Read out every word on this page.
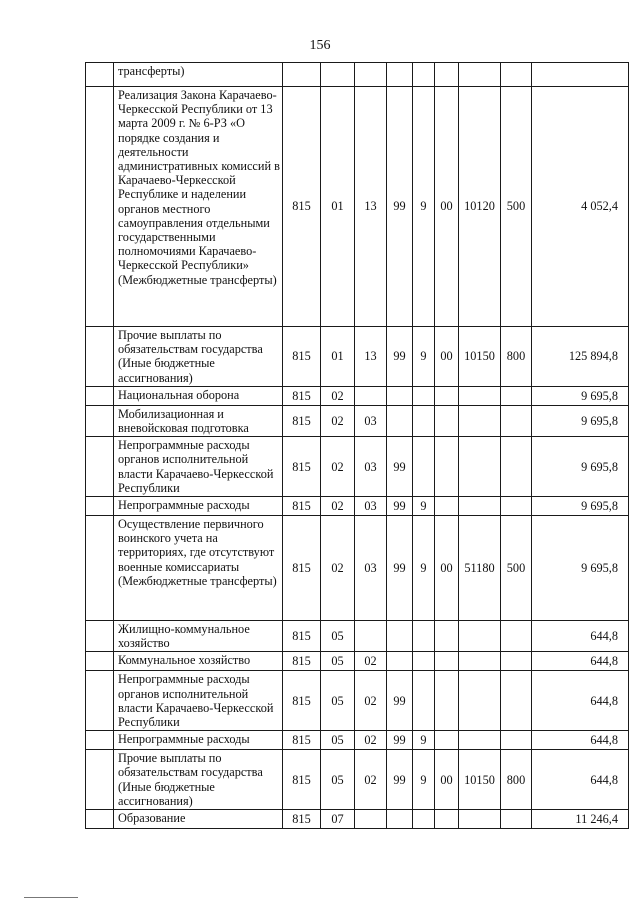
156

	трансферты)									

	Реализация Закона Карачаево-Черкесской Республики от 13 марта 2009 г. № 6-РЗ «О порядке создания и деятельности административных комиссий в Карачаево-Черкесской Республике и наделении органов местного самоуправления отдельными государственными полномочиями Карачаево-Черкесской Республики» (Межбюджетные трансферты)	815	01	13	99	9	00	10120	500	4 052,4

	Прочие выплаты по обязательствам государства (Иные бюджетные ассигнования)	815	01	13	99	9	00	10150	800	125 894,8

	Национальная оборона	815	02							9 695,8

	Мобилизационная и вневойсковая подготовка	815	02	03						9 695,8

	Непрограммные расходы органов исполнительной власти Карачаево-Черкесской Республики	815	02	03	99					9 695,8

	Непрограммные расходы	815	02	03	99	9				9 695,8

	Осуществление первичного воинского учета на территориях, где отсутствуют военные комиссариаты (Межбюджетные трансферты)	815	02	03	99	9	00	51180	500	9 695,8

	Жилищно-коммунальное хозяйство	815	05							644,8

	Коммунальное хозяйство	815	05	02						644,8

	Непрограммные расходы органов исполнительной власти Карачаево-Черкесской Республики	815	05	02	99					644,8

	Непрограммные расходы	815	05	02	99	9				644,8

	Прочие выплаты по обязательствам государства (Иные бюджетные ассигнования)	815	05	02	99	9	00	10150	800	644,8

	Образование	815	07							11 246,4
